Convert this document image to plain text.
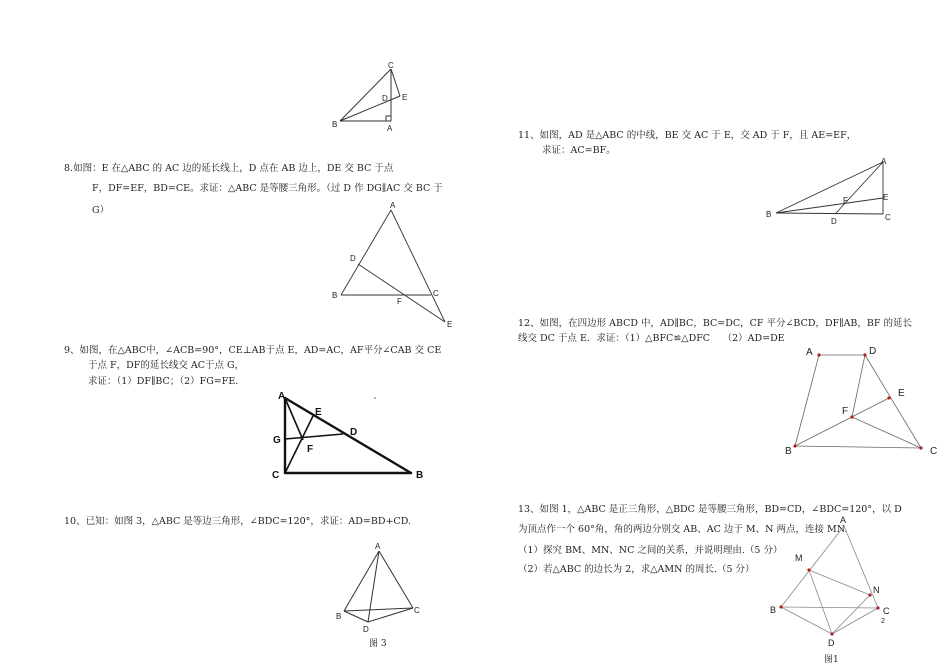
C
D E
B	A
8.如图：E 在△ABC 的 AC 边的延长线上，D 点在 AB 边上，DE 交 BC 于点
F，DF=EF，BD=CE。求证：△ABC 是等腰三角形。（过 D 作 DG∥AC 交 BC 于
G）	A
D
B	C
F
E
9、如图，在△ABC中，∠ACB=90°，CE⊥AB于点 E，AD=AC，AF平分∠CAB 交 CE
于点 F，DF的延长线交 AC于点 G，
求证：（1）DF∥BC；（2）FG=FE.
A
E
D
G
F
C	B
10、已知：如图 3，△ABC 是等边三角形，∠BDC=120°，求证：AD=BD+CD.
A
B
C
D
图 3
11、如图，AD 是△ABC 的中线，BE 交 AC 于 E，交 AD 于 F，且 AE=EF，
求证：AC=BF。
A
F	E
B
D	C
12、如图，在四边形 ABCD 中，AD∥BC，BC=DC，CF 平分∠BCD，DF∥AB，BF 的延长
线交 DC 于点 E．求证：（1）△BFC≌△DFC　 （2）AD=DE
A	D
E
F
B	C
13、如图 1，△ABC 是正三角形，△BDC 是等腰三角形，BD=CD，∠BDC=120°，以 D
为顶点作一个 60°角，角的两边分别交 AB、AC 边于 M、N 两点，连接 MN.
（1）探究 BM、MN、NC 之间的关系，并说明理由.（5 分）
（2）若△ABC 的边长为 2，求△AMN 的周长.（5 分）
A
M
N
B	C
2
D
图1
